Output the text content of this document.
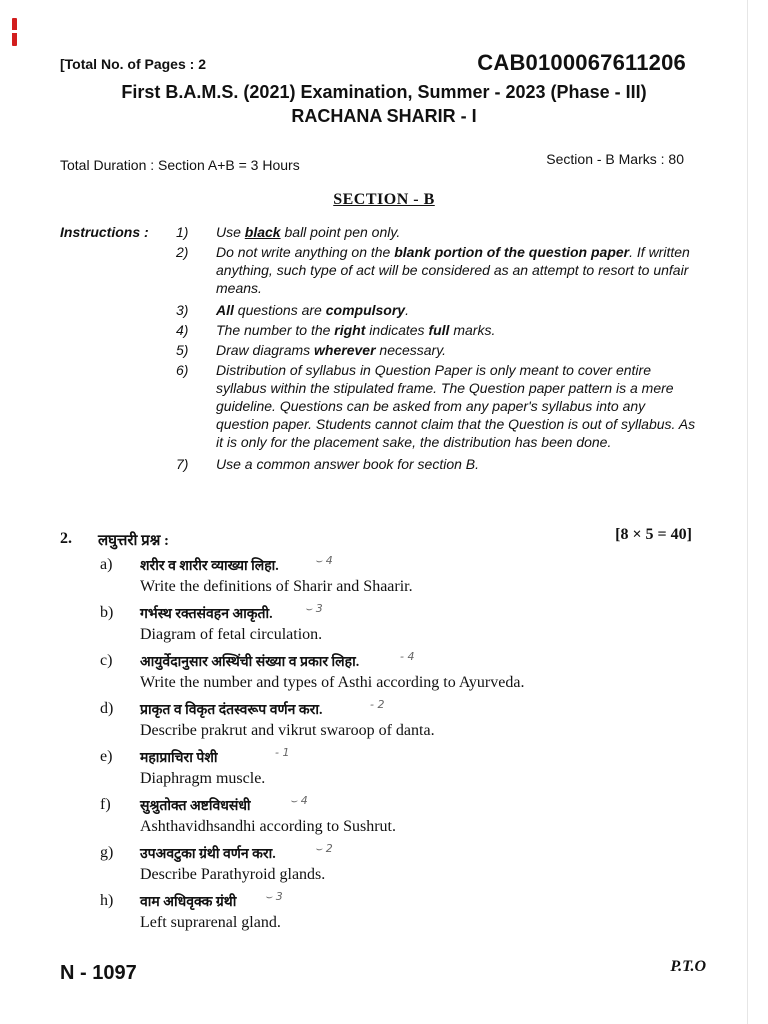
[Total No. of Pages : 2	CAB0100067611206
First B.A.M.S. (2021) Examination, Summer - 2023 (Phase - III)
RACHANA SHARIR - I
Total Duration : Section A+B = 3 Hours	Section - B Marks : 80
SECTION - B
Instructions : 1)	Use black ball point pen only.
2)	Do not write anything on the blank portion of the question paper. If written anything, such type of act will be considered as an attempt to resort to unfair means.
3)	All questions are compulsory.
4)	The number to the right indicates full marks.
5)	Draw diagrams wherever necessary.
6)	Distribution of syllabus in Question Paper is only meant to cover entire syllabus within the stipulated frame. The Question paper pattern is a mere guideline. Questions can be asked from any paper's syllabus into any question paper. Students cannot claim that the Question is out of syllabus. As it is only for the placement sake, the distribution has been done.
7)	Use a common answer book for section B.
2. लघुत्तरी प्रश्न :	[8 × 5 = 40]
a) शरीर व शारीर व्याख्या लिहा.	⌣ 4
Write the definitions of Sharir and Shaarir.
b) गर्भस्थ रक्तसंवहन आकृती.	⌣ 3
Diagram of fetal circulation.
c) आयुर्वेदानुसार अस्थिंची संख्या व प्रकार लिहा.	- 4
Write the number and types of Asthi according to Ayurveda.
d) प्राकृत व विकृत दंतस्वरूप वर्णन करा.	- 2
Describe prakrut and vikrut swaroop of danta.
e) महाप्राचिरा पेशी	- 1
Diaphragm muscle.
f) सुश्रुतोक्त अष्टविधसंधी	⌣ 4
Ashthavidhsandhi according to Sushrut.
g) उपअवटुका ग्रंथी वर्णन करा.	⌣ 2
Describe Parathyroid glands.
h) वाम अधिवृक्क ग्रंथी	⌣ 3
Left suprarenal gland.
N - 1097	P.T.O
